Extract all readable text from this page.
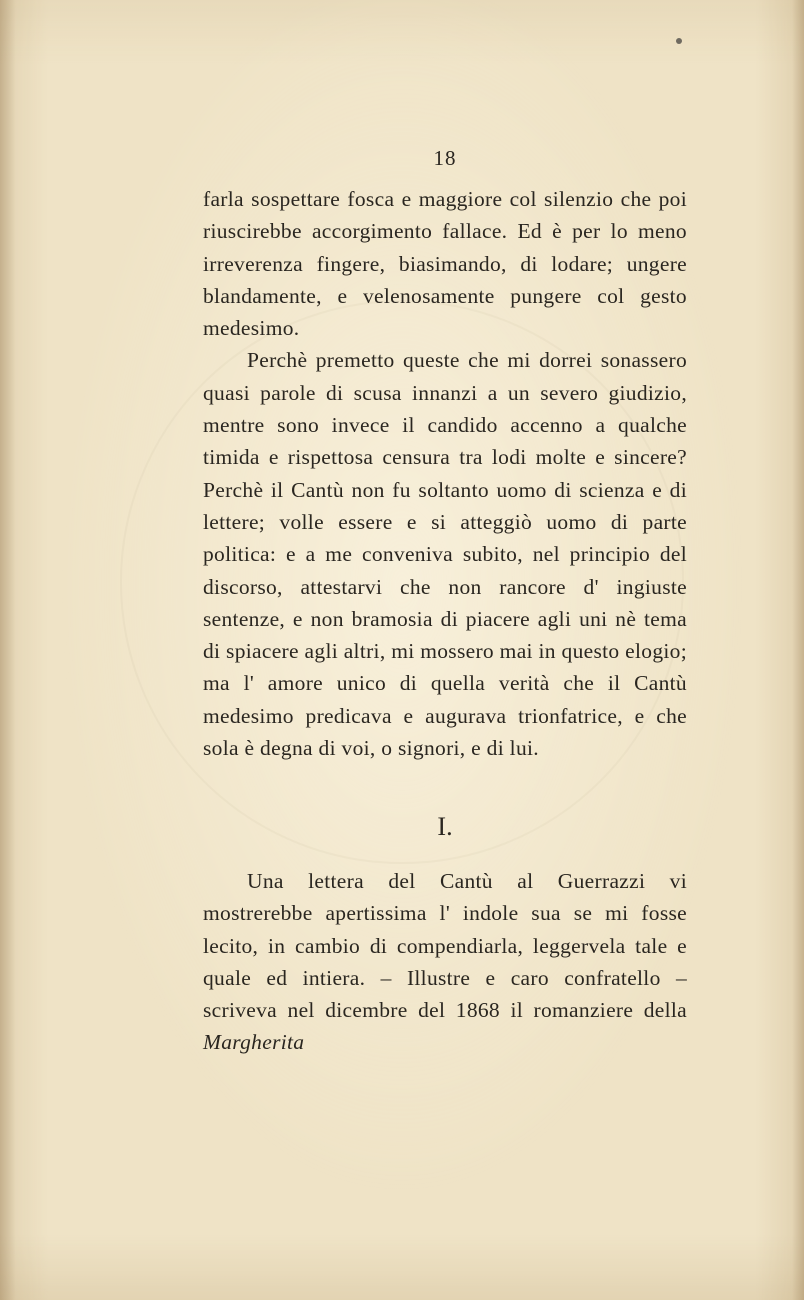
18

farla sospettare fosca e maggiore col silenzio che poi riuscirebbe accorgimento fallace. Ed è per lo meno irreverenza fingere, biasimando, di lodare; ungere blandamente, e velenosamente pungere col gesto medesimo.

Perchè premetto queste che mi dorrei sonassero quasi parole di scusa innanzi a un severo giudizio, mentre sono invece il candido accenno a qualche timida e rispettosa censura tra lodi molte e sincere? Perchè il Cantù non fu soltanto uomo di scienza e di lettere; volle essere e si atteggiò uomo di parte politica: e a me conveniva subito, nel principio del discorso, attestarvi che non rancore d' ingiuste sentenze, e non bramosia di piacere agli uni nè tema di spiacere agli altri, mi mossero mai in questo elogio; ma l' amore unico di quella verità che il Cantù medesimo predicava e augurava trionfatrice, e che sola è degna di voi, o signori, e di lui.

I.

Una lettera del Cantù al Guerrazzi vi mostrerebbe apertissima l' indole sua se mi fosse lecito, in cambio di compendiarla, leggervela tale e quale ed intiera. – Illustre e caro confratello – scriveva nel dicembre del 1868 il romanziere della Margherita
